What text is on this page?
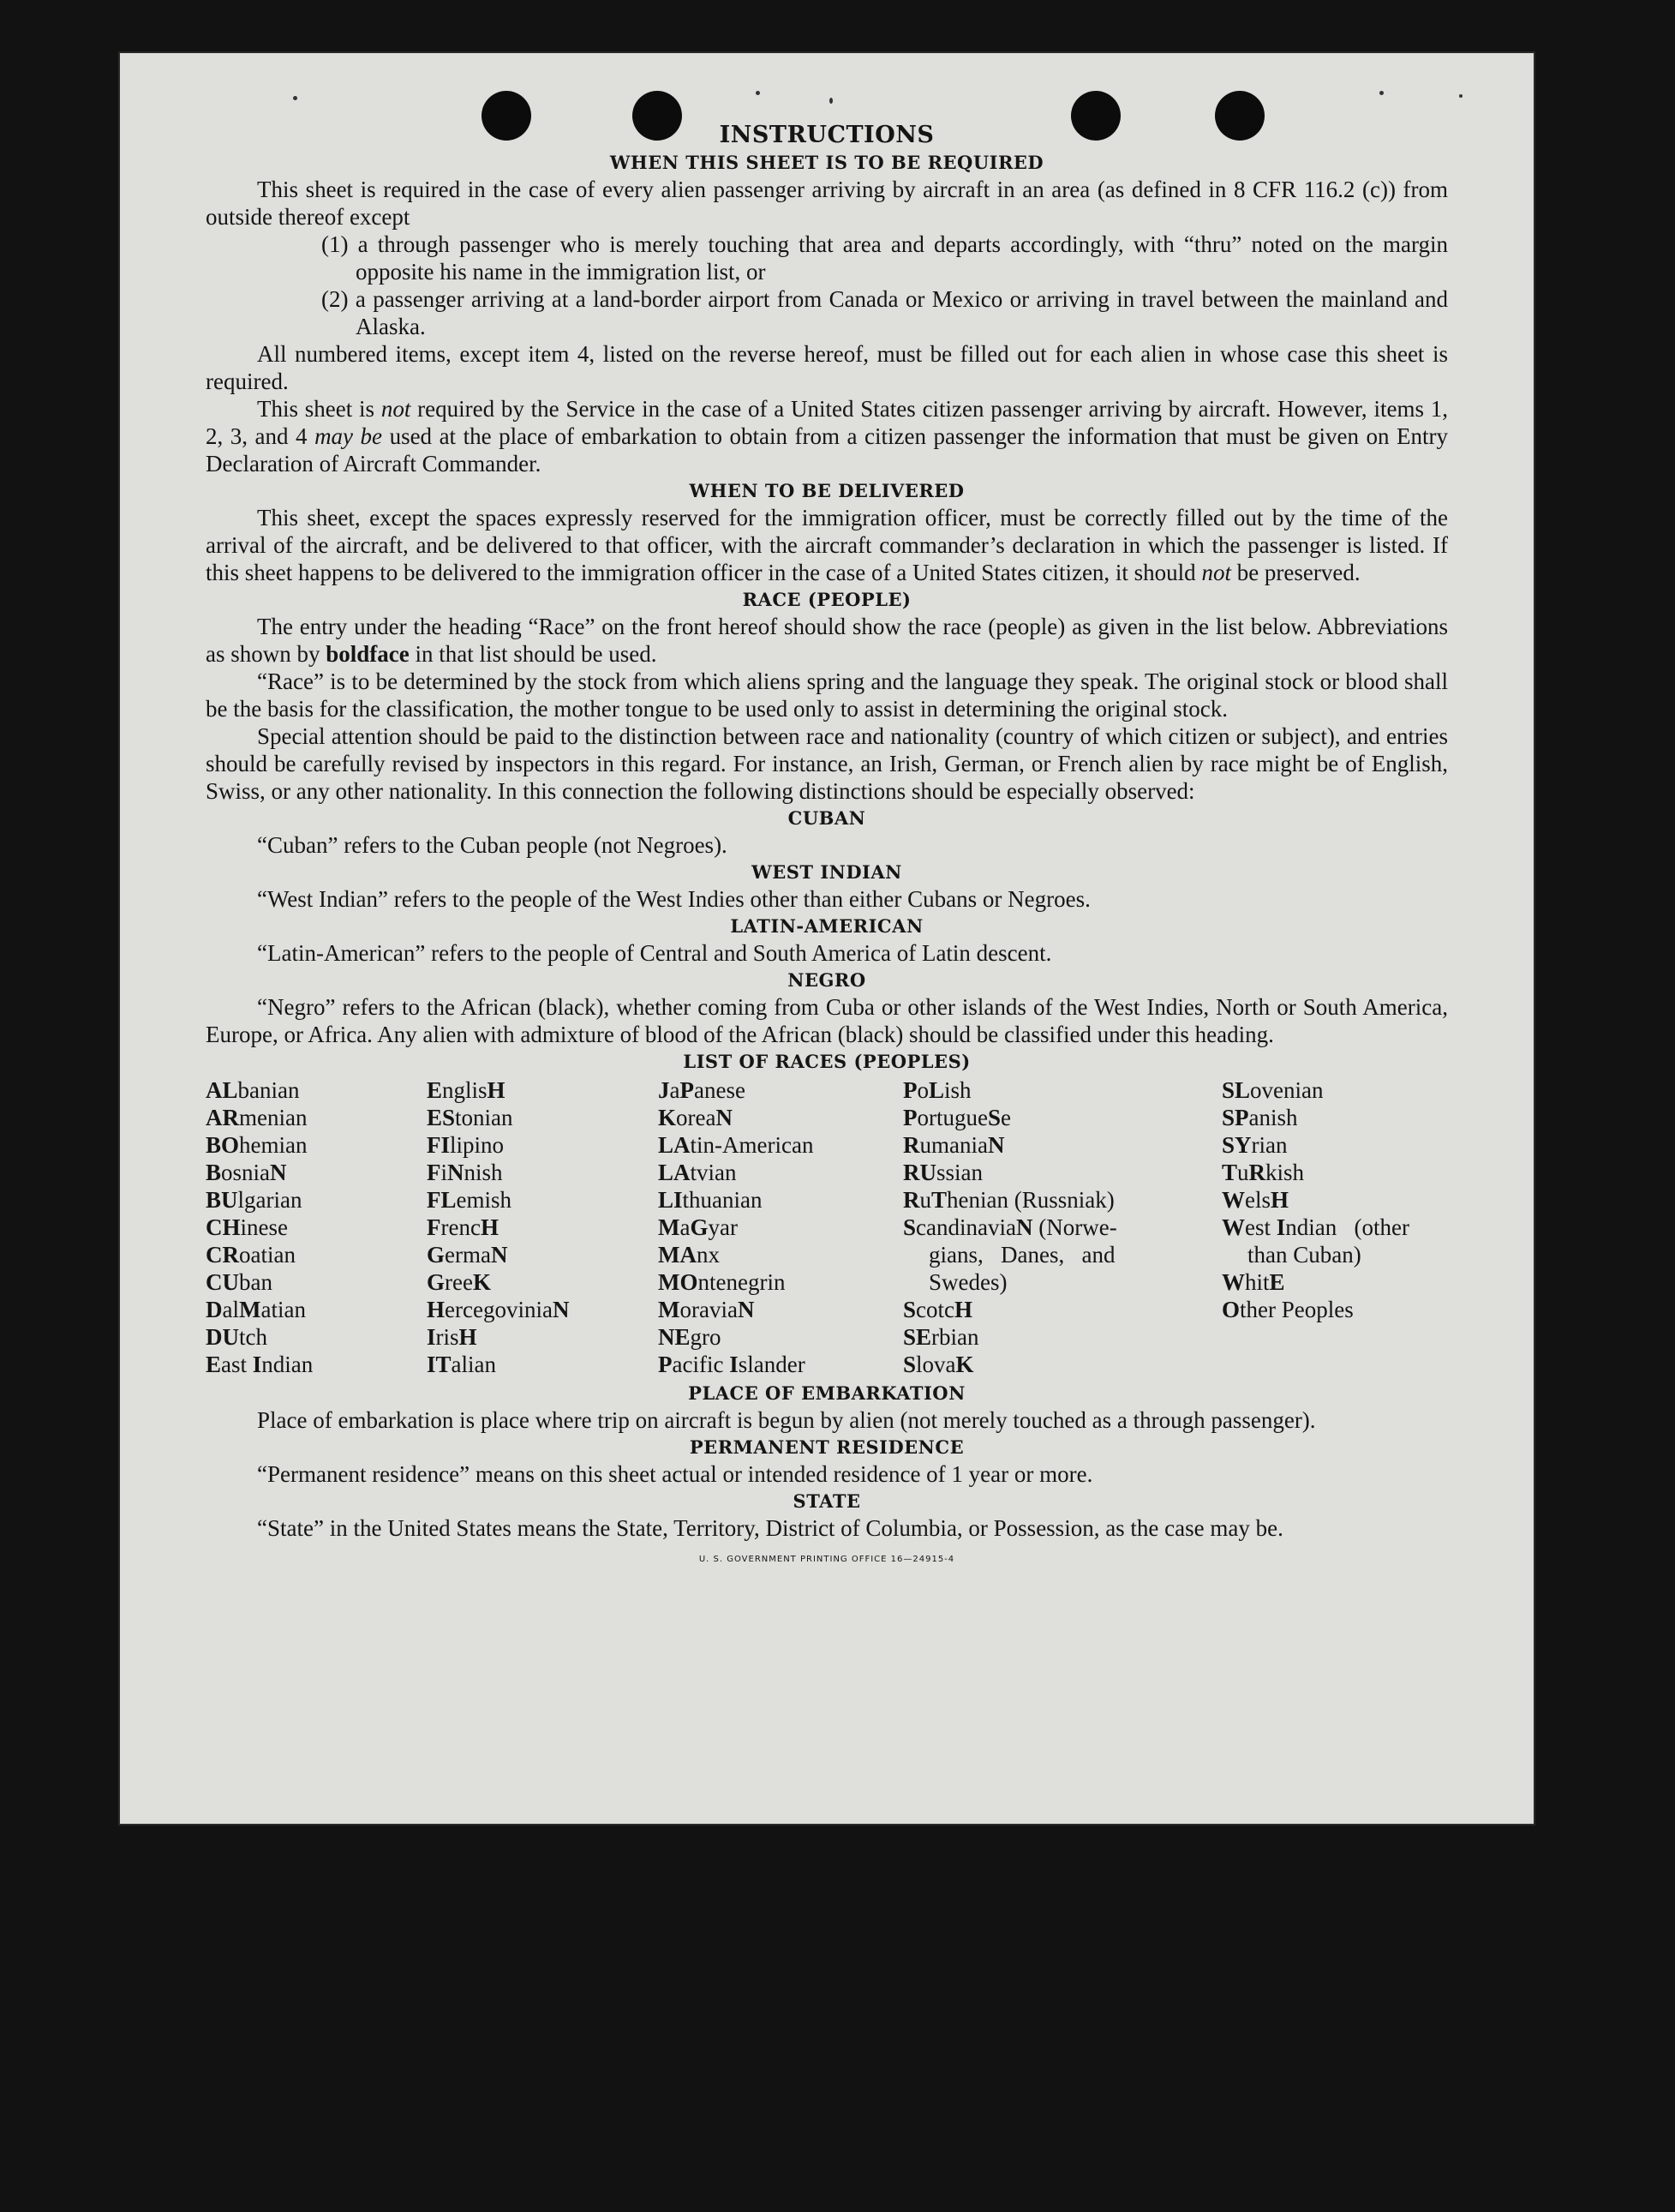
INSTRUCTIONS
WHEN THIS SHEET IS TO BE REQUIRED

This sheet is required in the case of every alien passenger arriving by aircraft in an area (as defined in 8 CFR 116.2 (c)) from outside thereof except

(1) a through passenger who is merely touching that area and departs accordingly, with “thru” noted on the margin opposite his name in the immigration list, or

(2) a passenger arriving at a land-border airport from Canada or Mexico or arriving in travel between the mainland and Alaska.

All numbered items, except item 4, listed on the reverse hereof, must be filled out for each alien in whose case this sheet is required.

This sheet is not required by the Service in the case of a United States citizen passenger arriving by aircraft. However, items 1, 2, 3, and 4 may be used at the place of embarkation to obtain from a citizen passenger the information that must be given on Entry Declaration of Aircraft Commander.

WHEN TO BE DELIVERED

This sheet, except the spaces expressly reserved for the immigration officer, must be correctly filled out by the time of the arrival of the aircraft, and be delivered to that officer, with the aircraft commander’s declaration in which the passenger is listed. If this sheet happens to be delivered to the immigration officer in the case of a United States citizen, it should not be preserved.

RACE (PEOPLE)

The entry under the heading “Race” on the front hereof should show the race (people) as given in the list below. Abbreviations as shown by boldface in that list should be used.

“Race” is to be determined by the stock from which aliens spring and the language they speak. The original stock or blood shall be the basis for the classification, the mother tongue to be used only to assist in determining the original stock.

Special attention should be paid to the distinction between race and nationality (country of which citizen or subject), and entries should be carefully revised by inspectors in this regard. For instance, an Irish, German, or French alien by race might be of English, Swiss, or any other nationality. In this connection the following distinctions should be especially observed:

CUBAN

“Cuban” refers to the Cuban people (not Negroes).

WEST INDIAN

“West Indian” refers to the people of the West Indies other than either Cubans or Negroes.

LATIN-AMERICAN

“Latin-American” refers to the people of Central and South America of Latin descent.

NEGRO

“Negro” refers to the African (black), whether coming from Cuba or other islands of the West Indies, North or South America, Europe, or Africa. Any alien with admixture of blood of the African (black) should be classified under this heading.

LIST OF RACES (PEOPLES)
ALbanian
ARmenian
BOhemian
BosniaN
BUlgarian
CHinese
CRoatian
CUban
DalMatian
DUtch
East Indian
EnglisH
EStonian
FIlipino
FiNnish
FLemish
FrencH
GermaN
GreeK
HercegoviniaN
IrisH
ITalian
JaPanese
KoreaN
LAtin-American
LAtvian
LIthuanian
MaGyar
MAnx
MOntenegrin
MoraviaN
NEgro
Pacific Islander
PoLish
PortugueSe
RumaniaN
RUssian
RuThenian (Russniak)
ScandinaviaN (Norwe-
gians,   Danes,   and
Swedes)
ScotcH
SErbian
SlovaK
SLovenian
SPanish
SYrian
TuRkish
WelsH
West Indian   (other
than Cuban)
WhitE
Other Peoples
PLACE OF EMBARKATION

Place of embarkation is place where trip on aircraft is begun by alien (not merely touched as a through passenger).

PERMANENT RESIDENCE

“Permanent residence” means on this sheet actual or intended residence of 1 year or more.

STATE

“State” in the United States means the State, Territory, District of Columbia, or Possession, as the case may be.

U. S. GOVERNMENT PRINTING OFFICE 16—24915-4
